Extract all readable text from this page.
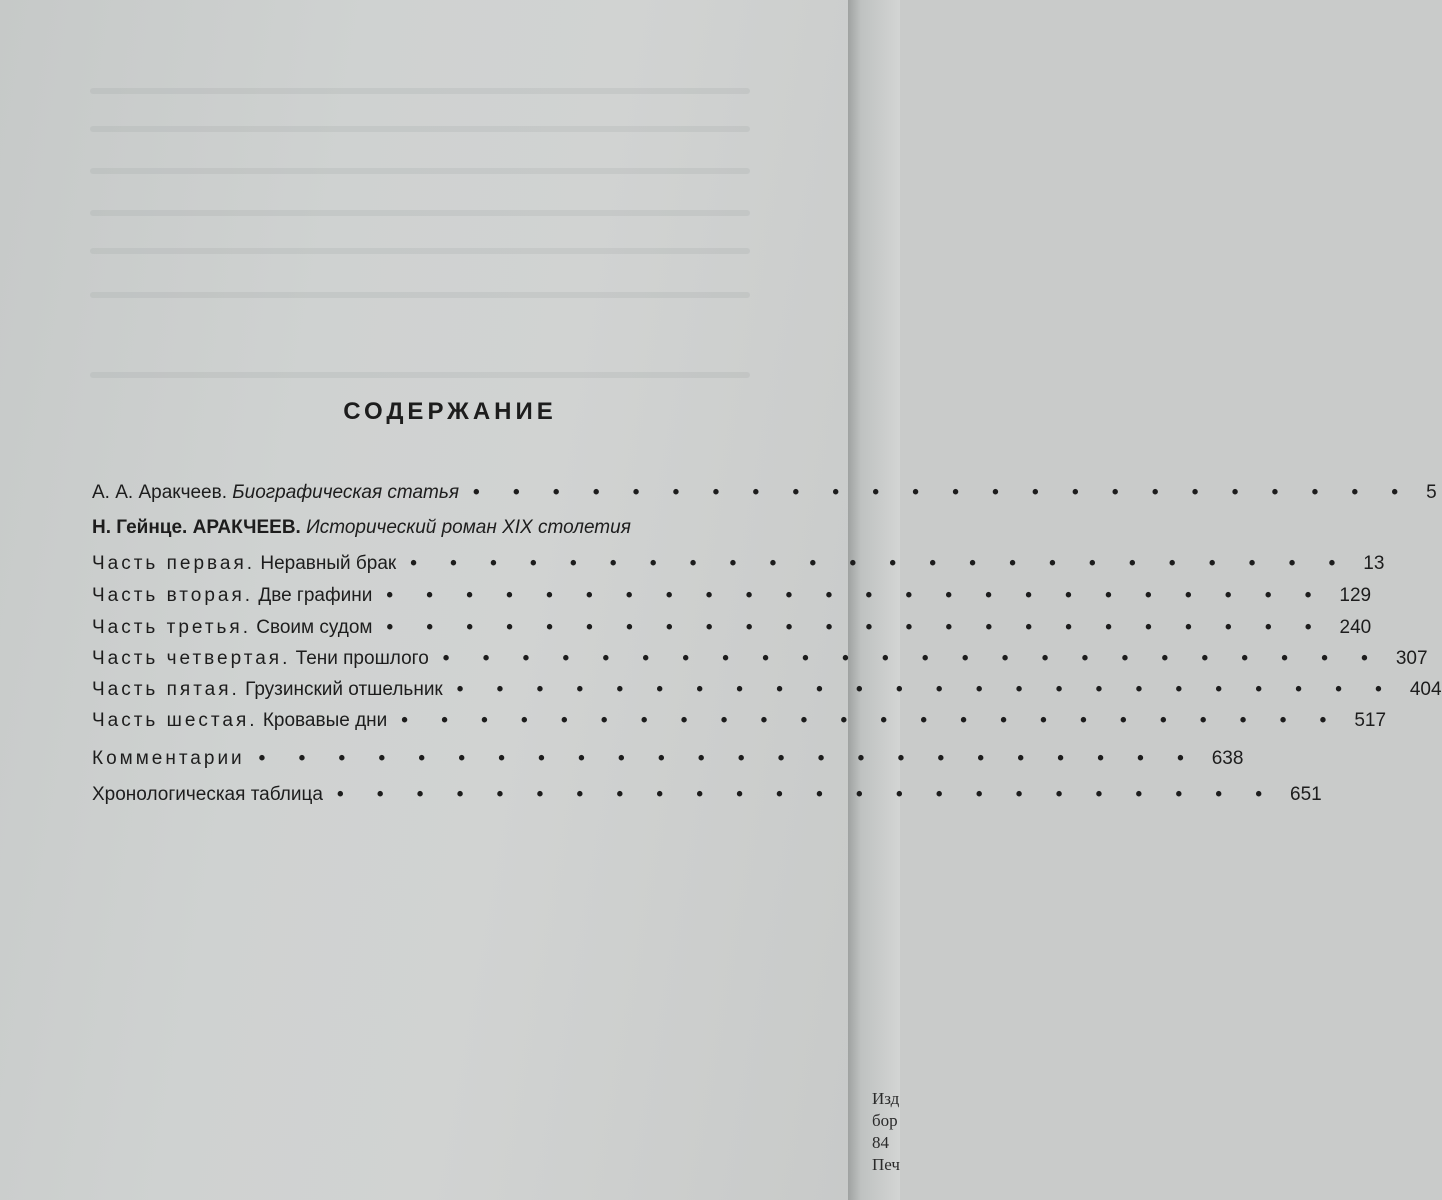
СОДЕРЖАНИЕ
А. А. Аракчеев. Биографическая статья • • • • • • • • • • • • • • • • • • • • • • • • 5
Н. Гейнце. АРАКЧЕЕВ. Исторический роман XIX столетия
Часть первая. Неравный брак • • • • • • • • • • • • • • • • • • • • • • • • 13
Часть вторая. Две графини • • • • • • • • • • • • • • • • • • • • • • • • 129
Часть третья. Своим судом • • • • • • • • • • • • • • • • • • • • • • • • 240
Часть четвертая. Тени прошлого • • • • • • • • • • • • • • • • • • • • • • • • 307
Часть пятая. Грузинский отшельник • • • • • • • • • • • • • • • • • • • • • • • • 404
Часть шестая. Кровавые дни • • • • • • • • • • • • • • • • • • • • • • • • 517
Комментарии • • • • • • • • • • • • • • • • • • • • • • • • 638
Хронологическая таблица • • • • • • • • • • • • • • • • • • • • • • • • 651
Изд
бор
84
Печ
